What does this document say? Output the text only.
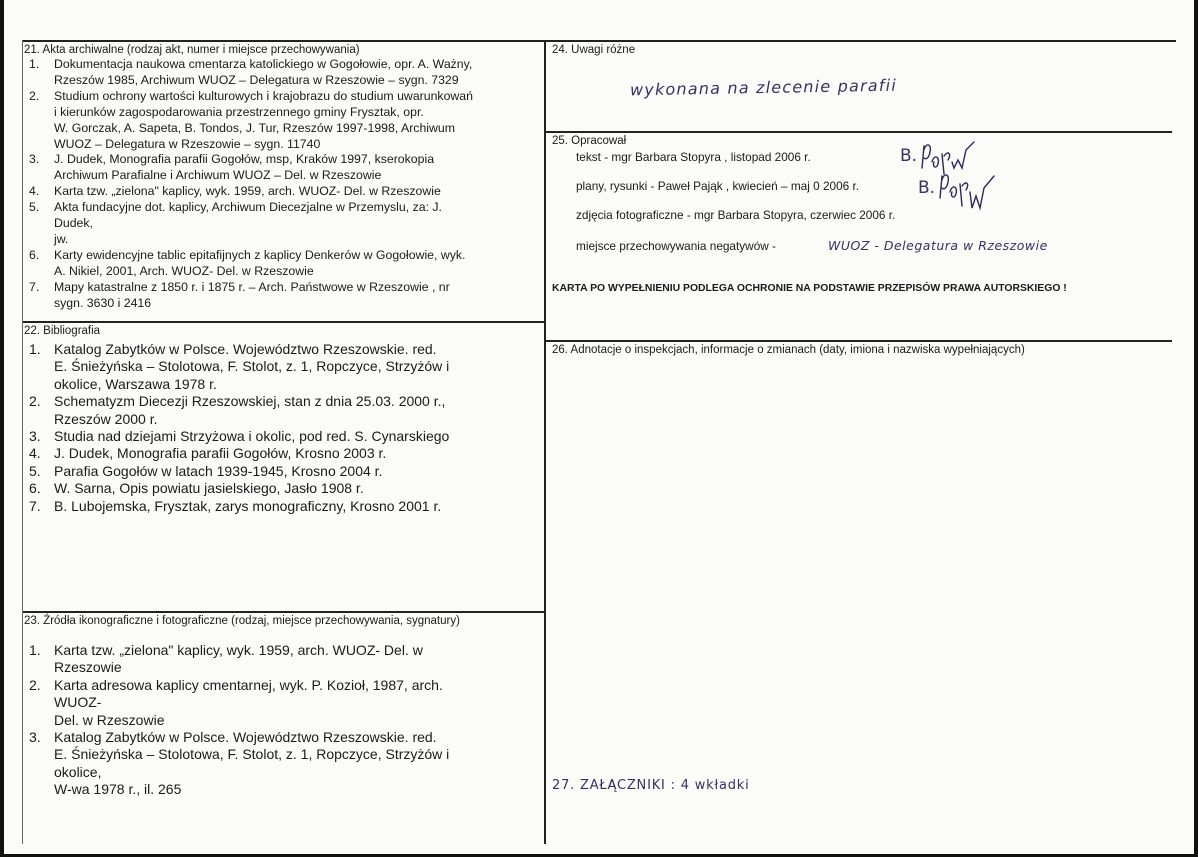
21. Akta archiwalne (rodzaj akt, numer i miejsce przechowywania)
1. Dokumentacja naukowa cmentarza katolickiego w Gogołowie, opr. A. Ważny,
Rzeszów 1985, Archiwum WUOZ – Delegatura w Rzeszowie – sygn. 7329
2. Studium ochrony wartości kulturowych i krajobrazu do studium uwarunkowań
i kierunków zagospodarowania przestrzennego gminy Frysztak, opr.
W. Gorczak, A. Sapeta, B. Tondos, J. Tur, Rzeszów 1997-1998, Archiwum
WUOZ – Delegatura w Rzeszowie – sygn. 11740
3. J. Dudek, Monografia parafii Gogołów, msp, Kraków 1997, kserokopia
Archiwum Parafialne i Archiwum WUOZ – Del. w Rzeszowie
4. Karta tzw. „zielona" kaplicy, wyk. 1959, arch. WUOZ- Del. w Rzeszowie
5. Akta fundacyjne dot. kaplicy, Archiwum Diecezjalne w Przemyslu, za: J.
Dudek,
jw.
6. Karty ewidencyjne tablic epitafijnych z kaplicy Denkerów w Gogołowie, wyk.
A. Nikiel, 2001, Arch. WUOZ- Del. w Rzeszowie
7. Mapy katastralne z 1850 r. i 1875 r. – Arch. Państwowe w Rzeszowie , nr
sygn. 3630 i 2416
22. Bibliografia
1. Katalog Zabytków w Polsce. Województwo Rzeszowskie. red.
E. Śnieżyńska – Stolotowa, F. Stolot, z. 1, Ropczyce, Strzyżów i
okolice, Warszawa 1978 r.
2. Schematyzm Diecezji Rzeszowskiej, stan z dnia 25.03. 2000 r.,
Rzeszów 2000 r.
3. Studia nad dziejami Strzyżowa i okolic, pod red. S. Cynarskiego
4. J. Dudek, Monografia parafii Gogołów, Krosno 2003 r.
5. Parafia Gogołów w latach 1939-1945, Krosno 2004 r.
6. W. Sarna, Opis powiatu jasielskiego, Jasło 1908 r.
7. B. Lubojemska, Frysztak, zarys monograficzny, Krosno 2001 r.
23. Źródła ikonograficzne i fotograficzne (rodzaj, miejsce przechowywania, sygnatury)
1. Karta tzw. „zielona" kaplicy, wyk. 1959, arch. WUOZ- Del. w
Rzeszowie
2. Karta adresowa kaplicy cmentarnej, wyk. P. Kozioł, 1987, arch.
WUOZ-
Del. w Rzeszowie
3. Katalog Zabytków w Polsce. Województwo Rzeszowskie. red.
E. Śnieżyńska – Stolotowa, F. Stolot, z. 1, Ropczyce, Strzyżów i
okolice,
W-wa 1978 r., il. 265
24. Uwagi różne
wykonana na zlecenie parafii
25. Opracował
tekst - mgr Barbara Stopyra , listopad 2006 r.
plany, rysunki - Paweł Pająk , kwiecień – maj 0 2006 r.
zdjęcia fotograficzne - mgr Barbara Stopyra, czerwiec 2006 r.
miejsce przechowywania negatywów -
KARTA PO WYPEŁNIENIU PODLEGA OCHRONIE NA PODSTAWIE PRZEPISÓW PRAWA AUTORSKIEGO !
WUOZ - Delegatura w Rzeszowie
B.
B.
26. Adnotacje o inspekcjach, informacje o zmianach (daty, imiona i nazwiska wypełniających)
27. ZAŁĄCZNIKI : 4 wkładki
